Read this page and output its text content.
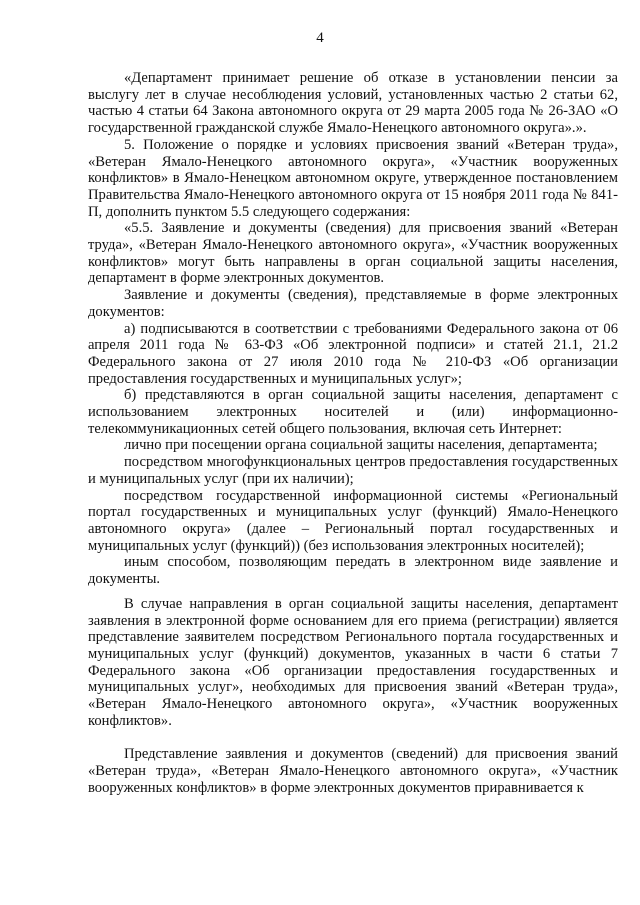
4

«Департамент принимает решение об отказе в установлении пенсии за выслугу лет в случае несоблюдения условий, установленных частью 2 статьи 62, частью 4 статьи 64 Закона автономного округа от 29 марта 2005 года № 26-ЗАО «О государственной гражданской службе Ямало-Ненецкого автономного округа».».

5. Положение о порядке и условиях присвоения званий «Ветеран труда», «Ветеран Ямало-Ненецкого автономного округа», «Участник вооруженных конфликтов» в Ямало-Ненецком автономном округе, утвержденное постановлением Правительства Ямало-Ненецкого автономного округа от 15 ноября 2011 года № 841-П, дополнить пунктом 5.5 следующего содержания:

«5.5. Заявление и документы (сведения) для присвоения званий «Ветеран труда», «Ветеран Ямало-Ненецкого автономного округа», «Участник вооруженных конфликтов» могут быть направлены в орган социальной защиты населения, департамент в форме электронных документов.

Заявление и документы (сведения), представляемые в форме электронных документов:

а) подписываются в соответствии с требованиями Федерального закона от 06 апреля 2011 года № 63-ФЗ «Об электронной подписи» и статей 21.1, 21.2 Федерального закона от 27 июля 2010 года № 210-ФЗ «Об организации предоставления государственных и муниципальных услуг»;

б) представляются в орган социальной защиты населения, департамент с использованием электронных носителей и (или) информационно-телекоммуникационных сетей общего пользования, включая сеть Интернет:

лично при посещении органа социальной защиты населения, департамента;

посредством многофункциональных центров предоставления государственных и муниципальных услуг (при их наличии);

посредством государственной информационной системы «Региональный портал государственных и муниципальных услуг (функций) Ямало-Ненецкого автономного округа» (далее – Региональный портал государственных и муниципальных услуг (функций)) (без использования электронных носителей);

иным способом, позволяющим передать в электронном виде заявление и документы.

В случае направления в орган социальной защиты населения, департамент заявления в электронной форме основанием для его приема (регистрации) является представление заявителем посредством Регионального портала государственных и муниципальных услуг (функций) документов, указанных в части 6 статьи 7 Федерального закона «Об организации предоставления государственных и муниципальных услуг», необходимых для присвоения званий «Ветеран труда», «Ветеран Ямало-Ненецкого автономного округа», «Участник вооруженных конфликтов».

Представление заявления и документов (сведений) для присвоения званий «Ветеран труда», «Ветеран Ямало-Ненецкого автономного округа», «Участник вооруженных конфликтов» в форме электронных документов приравнивается к
